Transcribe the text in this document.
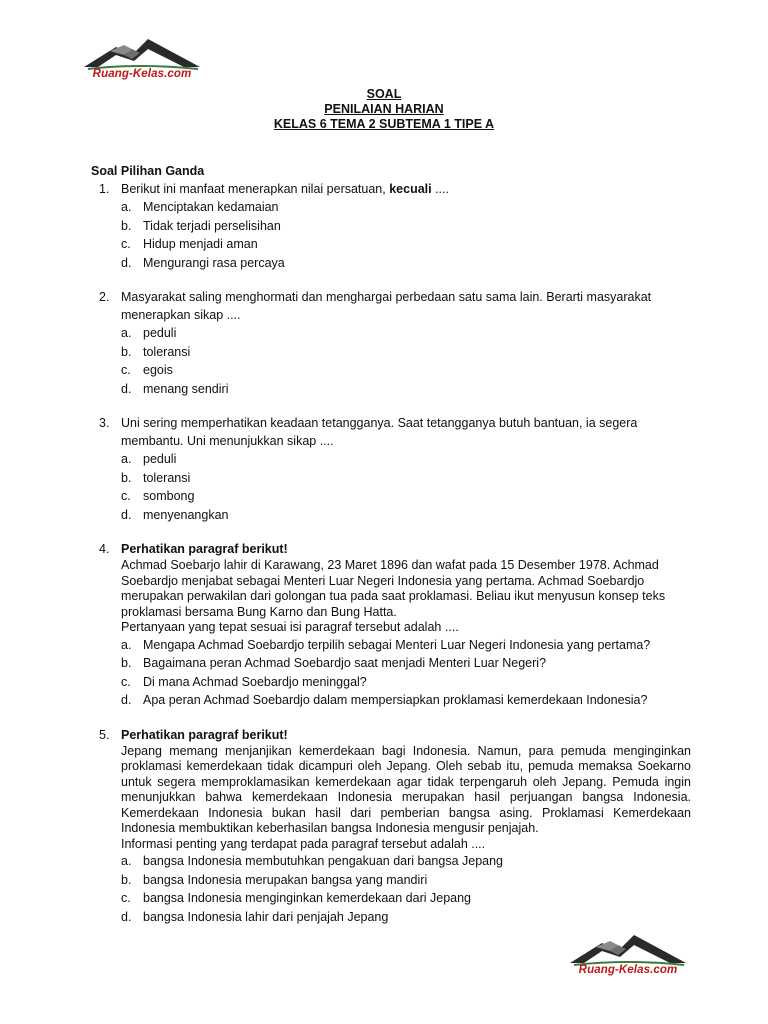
Ruang-Kelas.com
SOAL
PENILAIAN HARIAN
KELAS 6 TEMA 2 SUBTEMA 1 TIPE A
Soal Pilihan Ganda
1. Berikut ini manfaat menerapkan nilai persatuan, kecuali ....
a. Menciptakan kedamaian
b. Tidak terjadi perselisihan
c. Hidup menjadi aman
d. Mengurangi rasa percaya
2. Masyarakat saling menghormati dan menghargai perbedaan satu sama lain. Berarti masyarakat menerapkan sikap ....
a. peduli
b. toleransi
c. egois
d. menang sendiri
3. Uni sering memperhatikan keadaan tetangganya. Saat tetangganya butuh bantuan, ia segera membantu. Uni menunjukkan sikap ....
a. peduli
b. toleransi
c. sombong
d. menyenangkan
4. Perhatikan paragraf berikut!
Achmad Soebarjo lahir di Karawang, 23 Maret 1896 dan wafat pada 15 Desember 1978. Achmad Soebardjo menjabat sebagai Menteri Luar Negeri Indonesia yang pertama. Achmad Soebardjo merupakan perwakilan dari golongan tua pada saat proklamasi. Beliau ikut menyusun konsep teks proklamasi bersama Bung Karno dan Bung Hatta.
Pertanyaan yang tepat sesuai isi paragraf tersebut adalah ....
a. Mengapa Achmad Soebardjo terpilih sebagai Menteri Luar Negeri Indonesia yang pertama?
b. Bagaimana peran Achmad Soebardjo saat menjadi Menteri Luar Negeri?
c. Di mana Achmad Soebardjo meninggal?
d. Apa peran Achmad Soebardjo dalam mempersiapkan proklamasi kemerdekaan Indonesia?
5. Perhatikan paragraf berikut!
Jepang memang menjanjikan kemerdekaan bagi Indonesia. Namun, para pemuda menginginkan proklamasi kemerdekaan tidak dicampuri oleh Jepang. Oleh sebab itu, pemuda memaksa Soekarno untuk segera memproklamasikan kemerdekaan agar tidak terpengaruh oleh Jepang. Pemuda ingin menunjukkan bahwa kemerdekaan Indonesia merupakan hasil perjuangan bangsa Indonesia. Kemerdekaan Indonesia bukan hasil dari pemberian bangsa asing. Proklamasi Kemerdekaan Indonesia membuktikan keberhasilan bangsa Indonesia mengusir penjajah.
Informasi penting yang terdapat pada paragraf tersebut adalah ....
a. bangsa Indonesia membutuhkan pengakuan dari bangsa Jepang
b. bangsa Indonesia merupakan bangsa yang mandiri
c. bangsa Indonesia menginginkan kemerdekaan dari Jepang
d. bangsa Indonesia lahir dari penjajah Jepang
Ruang-Kelas.com
